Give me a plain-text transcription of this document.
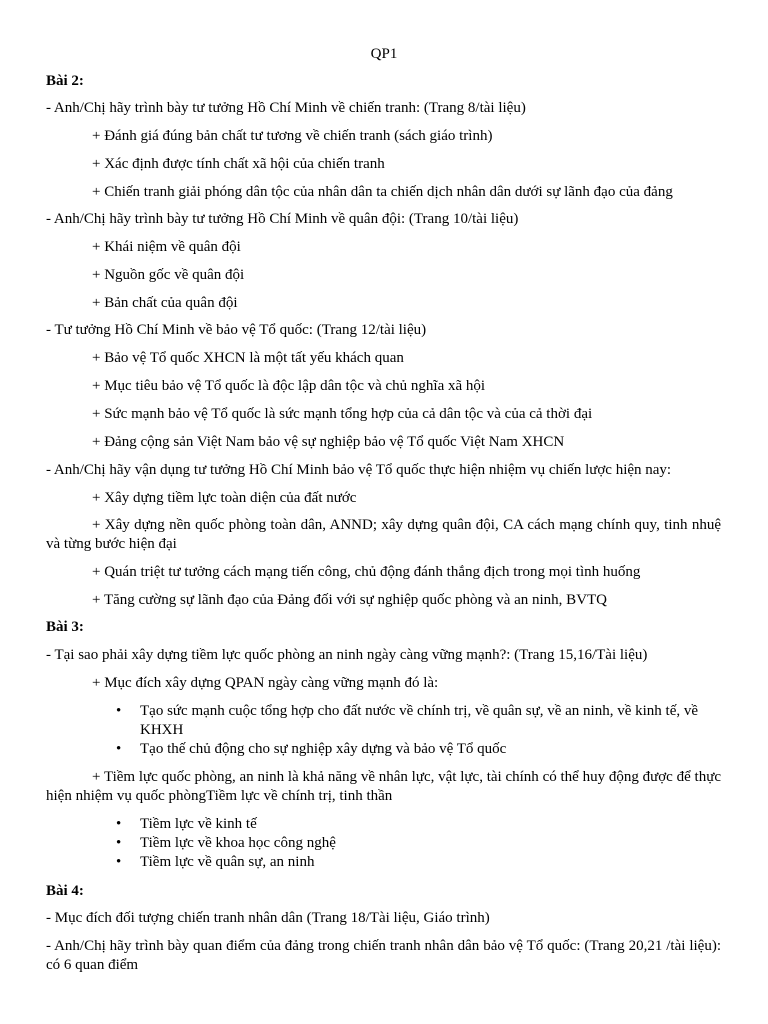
QP1
Bài 2:
- Anh/Chị hãy trình bày tư tưởng Hồ Chí Minh về chiến tranh: (Trang 8/tài liệu)
+ Đánh giá đúng bản chất tư tương về chiến tranh (sách giáo trình)
+ Xác định được tính chất xã hội của chiến tranh
+ Chiến tranh giải phóng dân tộc của nhân dân ta chiến dịch nhân dân dưới sự lãnh đạo của đảng
- Anh/Chị hãy trình bày tư tưởng Hồ Chí Minh về quân đội: (Trang 10/tài liệu)
+ Khái niệm về quân đội
+ Nguồn gốc về quân đội
+ Bản chất của quân đội
- Tư tưởng Hồ Chí Minh về bảo vệ Tổ quốc: (Trang 12/tài liệu)
+ Bảo vệ Tổ quốc XHCN là một tất yếu khách quan
+ Mục tiêu bảo vệ Tổ quốc là độc lập dân tộc và chủ nghĩa xã hội
+ Sức mạnh bảo vệ Tổ quốc là sức mạnh tổng hợp của cả dân tộc và của cả thời đại
+ Đảng cộng sản Việt Nam bảo vệ sự nghiệp bảo vệ Tổ quốc Việt Nam XHCN
- Anh/Chị hãy vận dụng tư tưởng Hồ Chí Minh bảo vệ Tổ quốc thực hiện nhiệm vụ chiến lược hiện nay:
+ Xây dựng tiềm lực toàn diện của đất nước
+ Xây dựng nền quốc phòng toàn dân, ANND; xây dựng quân đội, CA cách mạng chính quy, tinh nhuệ và từng bước hiện đại
+ Quán triệt tư tưởng cách mạng tiến công, chủ động đánh thắng địch trong mọi tình huống
+ Tăng cường sự lãnh đạo của Đảng đối với sự nghiệp quốc phòng và an ninh, BVTQ
Bài 3:
- Tại sao phải xây dựng tiềm lực quốc phòng an ninh ngày càng vững mạnh?: (Trang 15,16/Tài liệu)
+ Mục đích xây dựng QPAN ngày càng vững mạnh đó là:
• Tạo sức mạnh cuộc tổng hợp cho đất nước về chính trị, về quân sự, về an ninh, về kinh tế, về KHXH
• Tạo thế chủ động cho sự nghiệp xây dựng và bảo vệ Tổ quốc
+ Tiềm lực quốc phòng, an ninh là khả năng về nhân lực, vật lực, tài chính có thể huy động được để thực hiện nhiệm vụ quốc phòngTiềm lực về chính trị, tinh thần
• Tiềm lực về kinh tế
• Tiềm lực về khoa học công nghệ
• Tiềm lực về quân sự, an ninh
Bài 4:
- Mục đích đối tượng chiến tranh nhân dân (Trang 18/Tài liệu, Giáo trình)
- Anh/Chị hãy trình bày quan điểm của đảng trong chiến tranh nhân dân bảo vệ Tổ quốc: (Trang 20,21 /tài liệu): có 6 quan điểm
